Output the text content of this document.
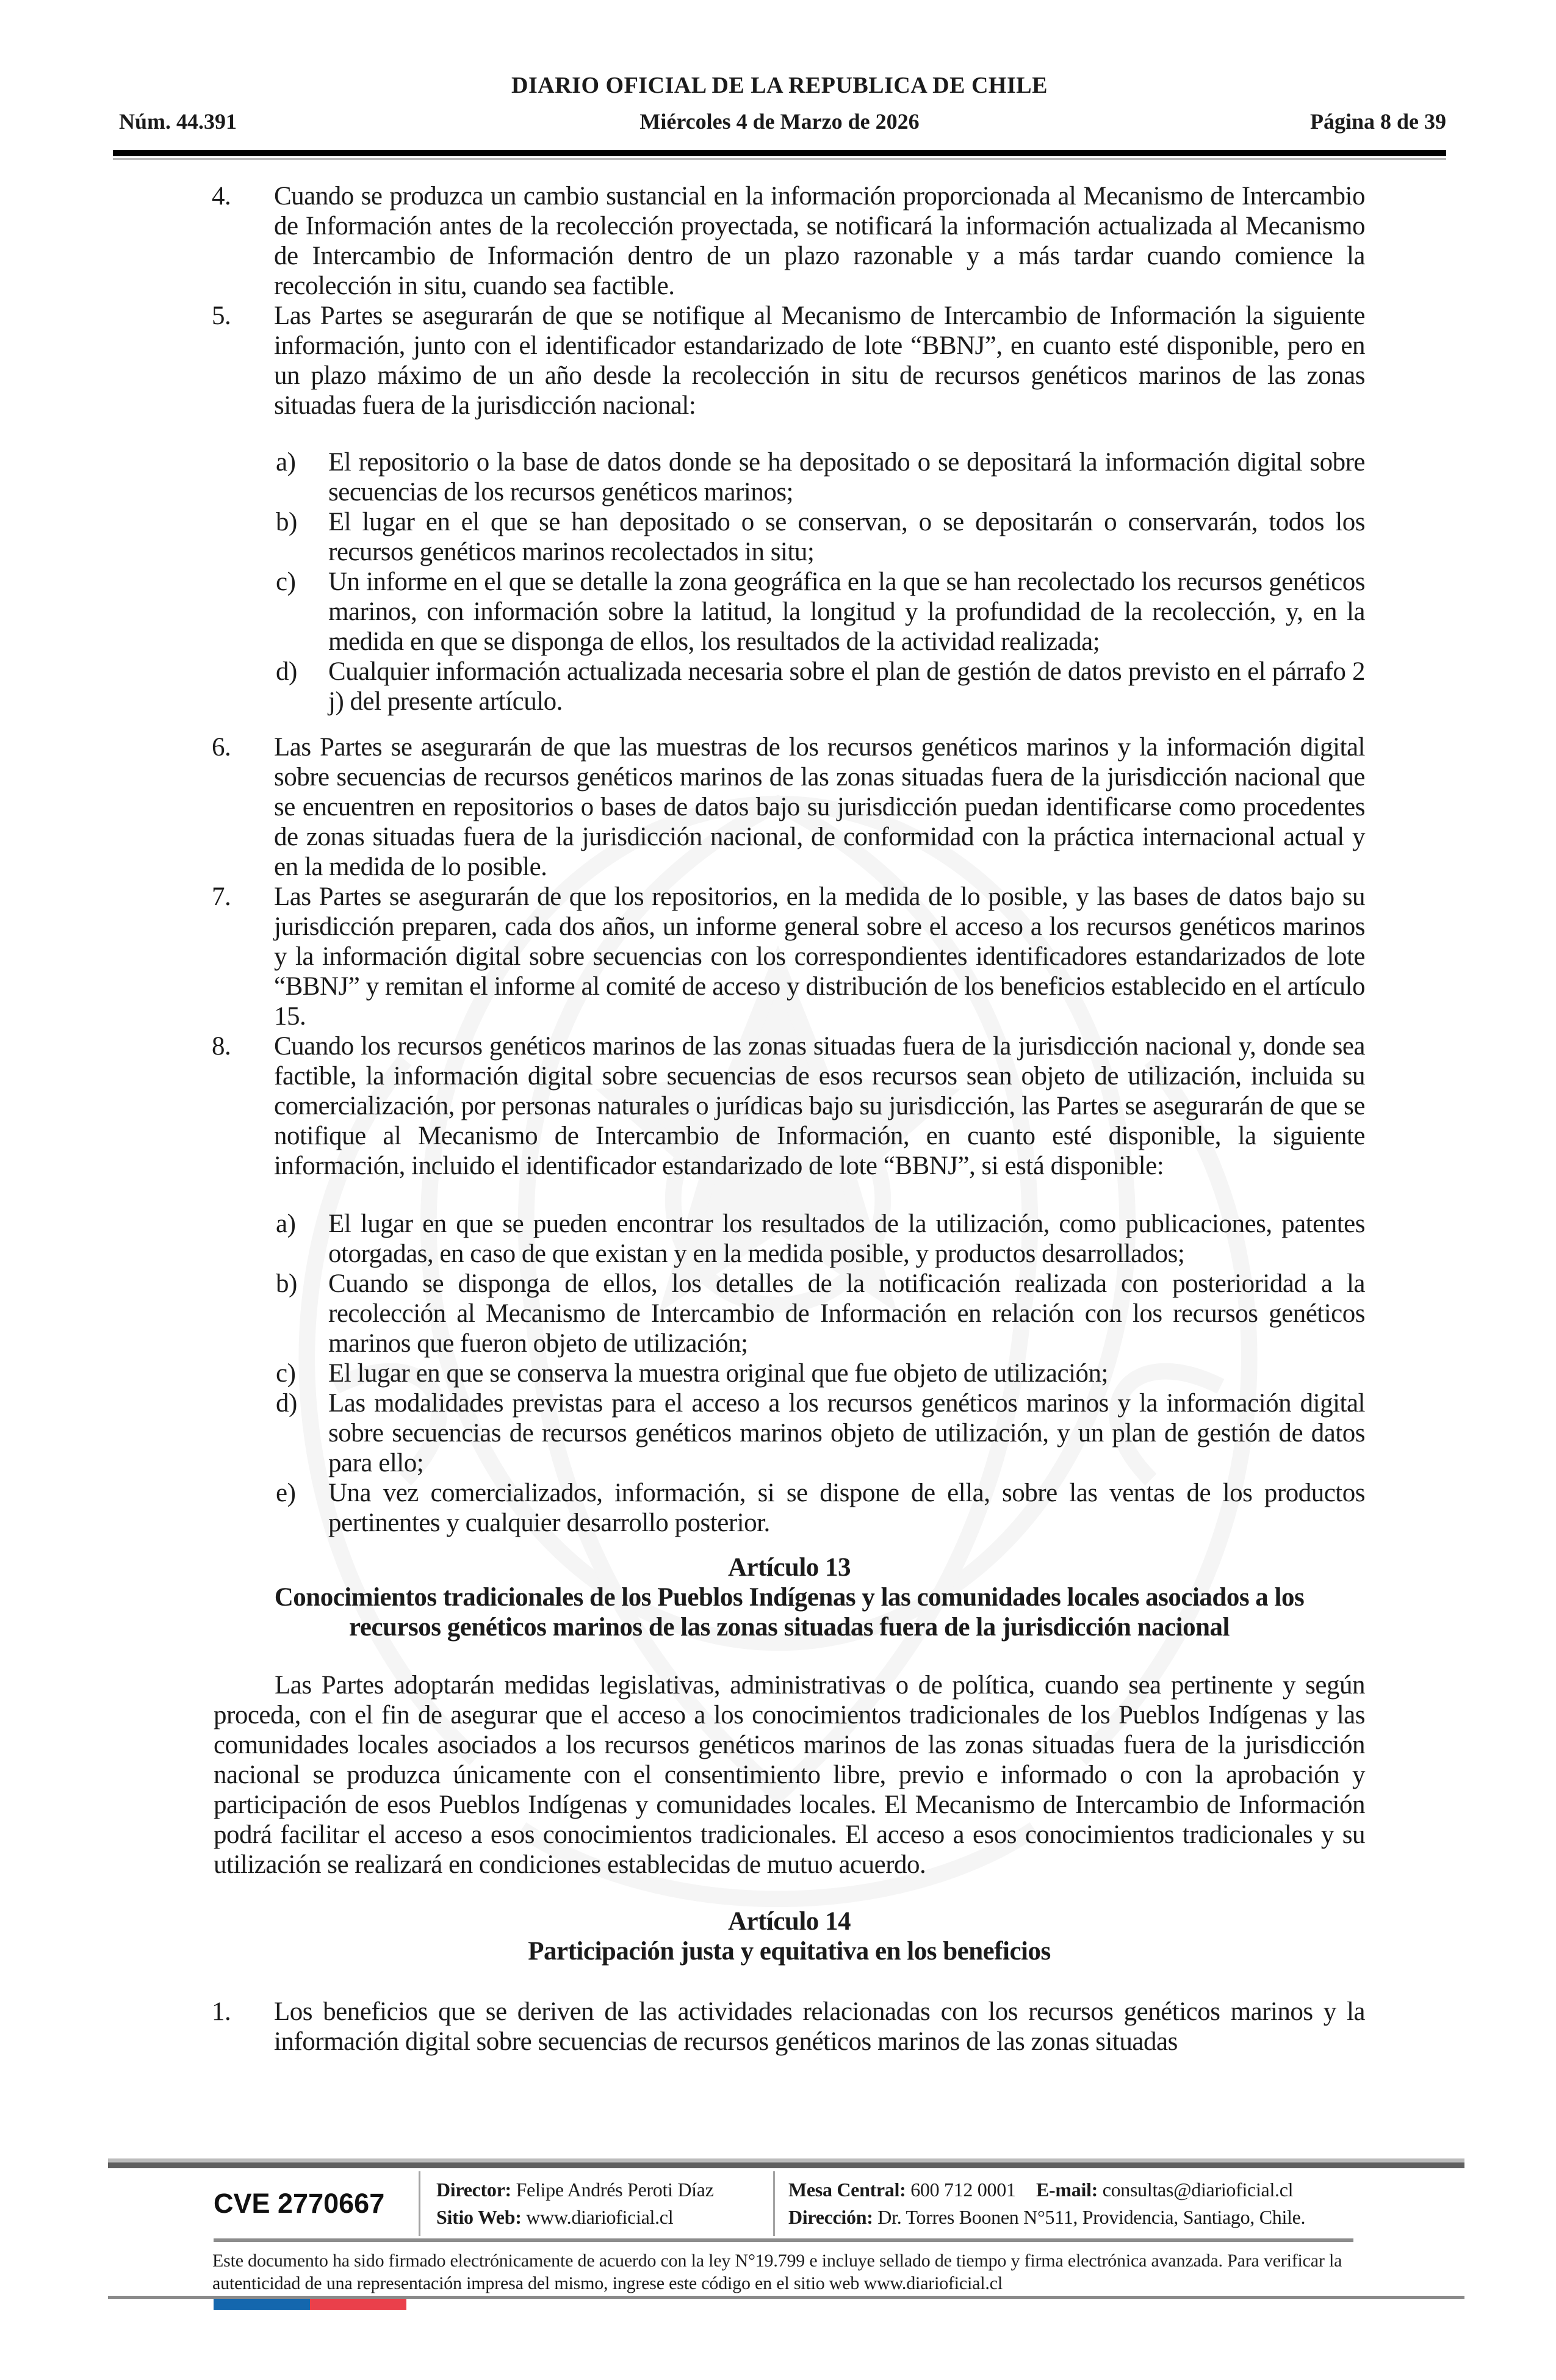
DIARIO OFICIAL DE LA REPUBLICA DE CHILE
Núm. 44.391	Miércoles 4 de Marzo de 2026	Página 8 de 39
4. Cuando se produzca un cambio sustancial en la información proporcionada al Mecanismo de Intercambio de Información antes de la recolección proyectada, se notificará la información actualizada al Mecanismo de Intercambio de Información dentro de un plazo razonable y a más tardar cuando comience la recolección in situ, cuando sea factible.
5. Las Partes se asegurarán de que se notifique al Mecanismo de Intercambio de Información la siguiente información, junto con el identificador estandarizado de lote “BBNJ”, en cuanto esté disponible, pero en un plazo máximo de un año desde la recolección in situ de recursos genéticos marinos de las zonas situadas fuera de la jurisdicción nacional:
a) El repositorio o la base de datos donde se ha depositado o se depositará la información digital sobre secuencias de los recursos genéticos marinos;
b) El lugar en el que se han depositado o se conservan, o se depositarán o conservarán, todos los recursos genéticos marinos recolectados in situ;
c) Un informe en el que se detalle la zona geográfica en la que se han recolectado los recursos genéticos marinos, con información sobre la latitud, la longitud y la profundidad de la recolección, y, en la medida en que se disponga de ellos, los resultados de la actividad realizada;
d) Cualquier información actualizada necesaria sobre el plan de gestión de datos previsto en el párrafo 2 j) del presente artículo.
6. Las Partes se asegurarán de que las muestras de los recursos genéticos marinos y la información digital sobre secuencias de recursos genéticos marinos de las zonas situadas fuera de la jurisdicción nacional que se encuentren en repositorios o bases de datos bajo su jurisdicción puedan identificarse como procedentes de zonas situadas fuera de la jurisdicción nacional, de conformidad con la práctica internacional actual y en la medida de lo posible.
7. Las Partes se asegurarán de que los repositorios, en la medida de lo posible, y las bases de datos bajo su jurisdicción preparen, cada dos años, un informe general sobre el acceso a los recursos genéticos marinos y la información digital sobre secuencias con los correspondientes identificadores estandarizados de lote “BBNJ” y remitan el informe al comité de acceso y distribución de los beneficios establecido en el artículo 15.
8. Cuando los recursos genéticos marinos de las zonas situadas fuera de la jurisdicción nacional y, donde sea factible, la información digital sobre secuencias de esos recursos sean objeto de utilización, incluida su comercialización, por personas naturales o jurídicas bajo su jurisdicción, las Partes se asegurarán de que se notifique al Mecanismo de Intercambio de Información, en cuanto esté disponible, la siguiente información, incluido el identificador estandarizado de lote “BBNJ”, si está disponible:
a) El lugar en que se pueden encontrar los resultados de la utilización, como publicaciones, patentes otorgadas, en caso de que existan y en la medida posible, y productos desarrollados;
b) Cuando se disponga de ellos, los detalles de la notificación realizada con posterioridad a la recolección al Mecanismo de Intercambio de Información en relación con los recursos genéticos marinos que fueron objeto de utilización;
c) El lugar en que se conserva la muestra original que fue objeto de utilización;
d) Las modalidades previstas para el acceso a los recursos genéticos marinos y la información digital sobre secuencias de recursos genéticos marinos objeto de utilización, y un plan de gestión de datos para ello;
e) Una vez comercializados, información, si se dispone de ella, sobre las ventas de los productos pertinentes y cualquier desarrollo posterior.
Artículo 13
Conocimientos tradicionales de los Pueblos Indígenas y las comunidades locales asociados a los recursos genéticos marinos de las zonas situadas fuera de la jurisdicción nacional
Las Partes adoptarán medidas legislativas, administrativas o de política, cuando sea pertinente y según proceda, con el fin de asegurar que el acceso a los conocimientos tradicionales de los Pueblos Indígenas y las comunidades locales asociados a los recursos genéticos marinos de las zonas situadas fuera de la jurisdicción nacional se produzca únicamente con el consentimiento libre, previo e informado o con la aprobación y participación de esos Pueblos Indígenas y comunidades locales. El Mecanismo de Intercambio de Información podrá facilitar el acceso a esos conocimientos tradicionales. El acceso a esos conocimientos tradicionales y su utilización se realizará en condiciones establecidas de mutuo acuerdo.
Artículo 14
Participación justa y equitativa en los beneficios
1. Los beneficios que se deriven de las actividades relacionadas con los recursos genéticos marinos y la información digital sobre secuencias de recursos genéticos marinos de las zonas situadas
CVE 2770667	Director: Felipe Andrés Peroti Díaz
Sitio Web: www.diarioficial.cl
Mesa Central: 600 712 0001 E-mail: consultas@diarioficial.cl
Dirección: Dr. Torres Boonen N°511, Providencia, Santiago, Chile.
Este documento ha sido firmado electrónicamente de acuerdo con la ley N°19.799 e incluye sellado de tiempo y firma electrónica avanzada. Para verificar la autenticidad de una representación impresa del mismo, ingrese este código en el sitio web www.diarioficial.cl
